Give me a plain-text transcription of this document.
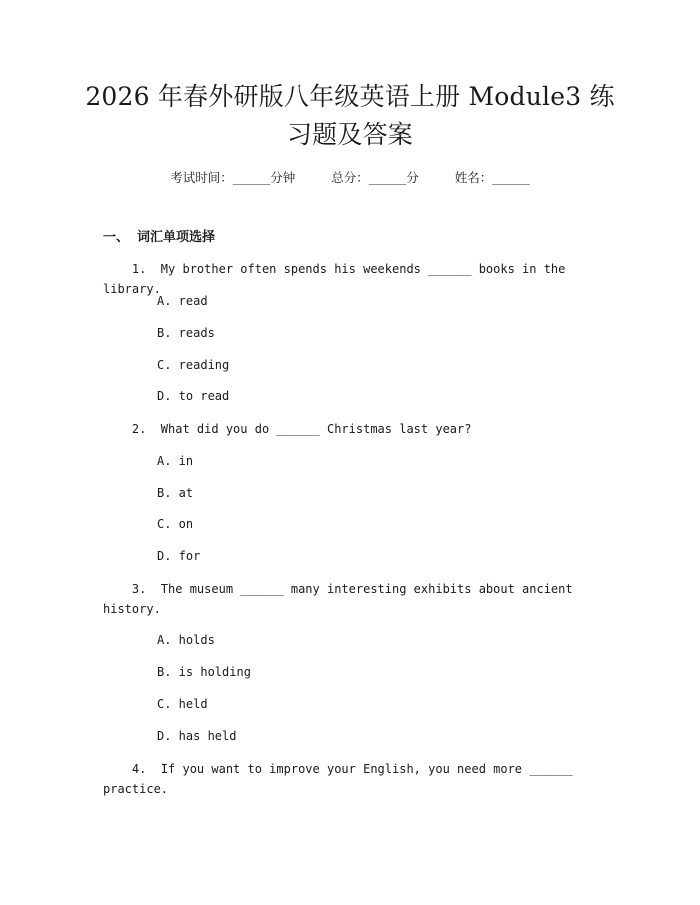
2026 年春外研版八年级英语上册 Module3 练
习题及答案
考试时间：______分钟	总分：______分	姓名：______
一、 词汇单项选择
1.  My brother often spends his weekends ______ books in the library.
A. read
B. reads
C. reading
D. to read
2.  What did you do ______ Christmas last year?
A. in
B. at
C. on
D. for
3.  The museum ______ many interesting exhibits about ancient history.
A. holds
B. is holding
C. held
D. has held
4.  If you want to improve your English, you need more ______ practice.
